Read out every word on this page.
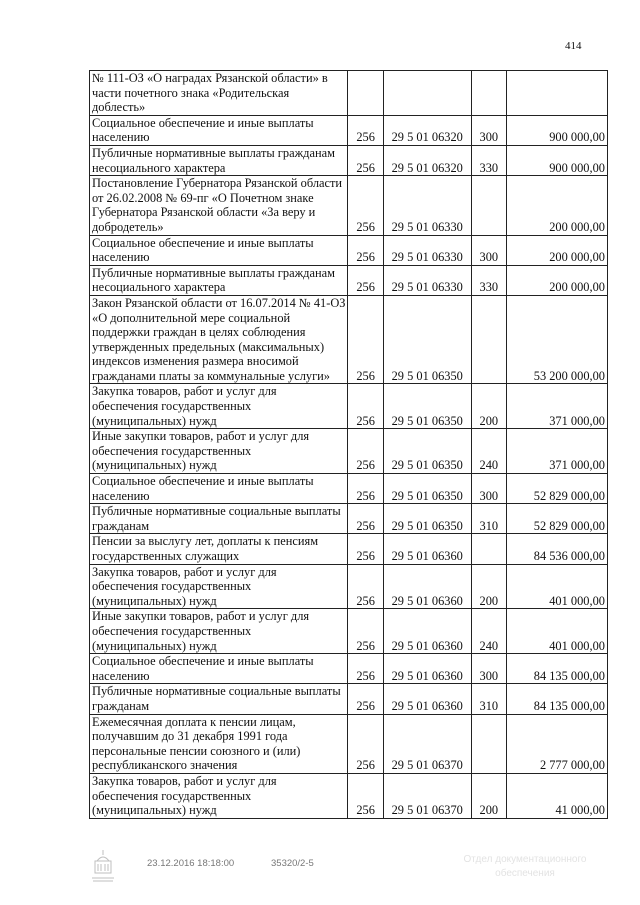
414
№ 111-ОЗ «О наградах Рязанской области» в части почетного знака «Родительская доблесть»				
Социальное обеспечение и иные выплаты населению	256	29 5 01 06320	300	900 000,00
Публичные нормативные выплаты гражданам несоциального характера	256	29 5 01 06320	330	900 000,00
Постановление Губернатора Рязанской области от 26.02.2008 № 69-пг «О Почетном знаке Губернатора Рязанской области «За веру и добродетель»	256	29 5 01 06330		200 000,00
Социальное обеспечение и иные выплаты населению	256	29 5 01 06330	300	200 000,00
Публичные нормативные выплаты гражданам несоциального характера	256	29 5 01 06330	330	200 000,00
Закон Рязанской области от 16.07.2014 № 41-ОЗ «О дополнительной мере социальной поддержки граждан в целях соблюдения утвержденных предельных (максимальных) индексов изменения размера вносимой гражданами платы за коммунальные услуги»	256	29 5 01 06350		53 200 000,00
Закупка товаров, работ и услуг для обеспечения государственных (муниципальных) нужд	256	29 5 01 06350	200	371 000,00
Иные закупки товаров, работ и услуг для обеспечения государственных (муниципальных) нужд	256	29 5 01 06350	240	371 000,00
Социальное обеспечение и иные выплаты населению	256	29 5 01 06350	300	52 829 000,00
Публичные нормативные социальные выплаты гражданам	256	29 5 01 06350	310	52 829 000,00
Пенсии за выслугу лет, доплаты к пенсиям государственных служащих	256	29 5 01 06360		84 536 000,00
Закупка товаров, работ и услуг для обеспечения государственных (муниципальных) нужд	256	29 5 01 06360	200	401 000,00
Иные закупки товаров, работ и услуг для обеспечения государственных (муниципальных) нужд	256	29 5 01 06360	240	401 000,00
Социальное обеспечение и иные выплаты населению	256	29 5 01 06360	300	84 135 000,00
Публичные нормативные социальные выплаты гражданам	256	29 5 01 06360	310	84 135 000,00
Ежемесячная доплата к пенсии лицам, получавшим до 31 декабря 1991 года персональные пенсии союзного и (или) республиканского значения	256	29 5 01 06370		2 777 000,00
Закупка товаров, работ и услуг для обеспечения государственных (муниципальных) нужд	256	29 5 01 06370	200	41 000,00
23.12.2016 18:18:00	35320/2-5	Отдел документационного
обеспечения
